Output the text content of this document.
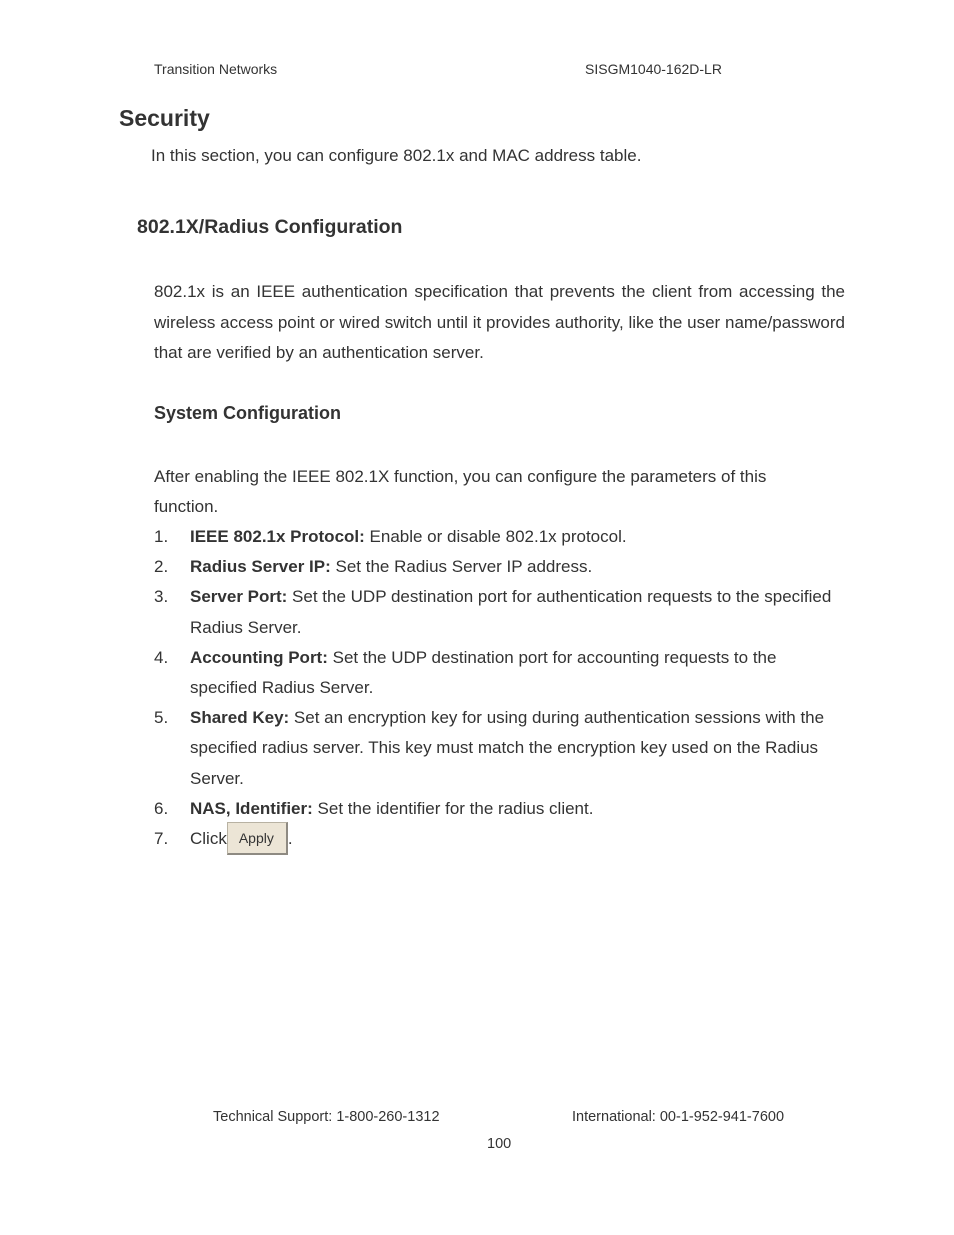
Transition Networks	SISGM1040-162D-LR
Security
In this section, you can configure 802.1x and MAC address table.
802.1X/Radius Configuration
802.1x is an IEEE authentication specification that prevents the client from accessing the wireless access point or wired switch until it provides authority, like the user name/password that are verified by an authentication server.
System Configuration
After enabling the IEEE 802.1X function, you can configure the parameters of this function.
1. IEEE 802.1x Protocol: Enable or disable 802.1x protocol.
2. Radius Server IP: Set the Radius Server IP address.
3. Server Port: Set the UDP destination port for authentication requests to the specified Radius Server.
4. Accounting Port: Set the UDP destination port for accounting requests to the specified Radius Server.
5. Shared Key: Set an encryption key for using during authentication sessions with the specified radius server. This key must match the encryption key used on the Radius Server.
6. NAS, Identifier: Set the identifier for the radius client.
7. Click Apply .
Technical Support: 1-800-260-1312	International: 00-1-952-941-7600
100
